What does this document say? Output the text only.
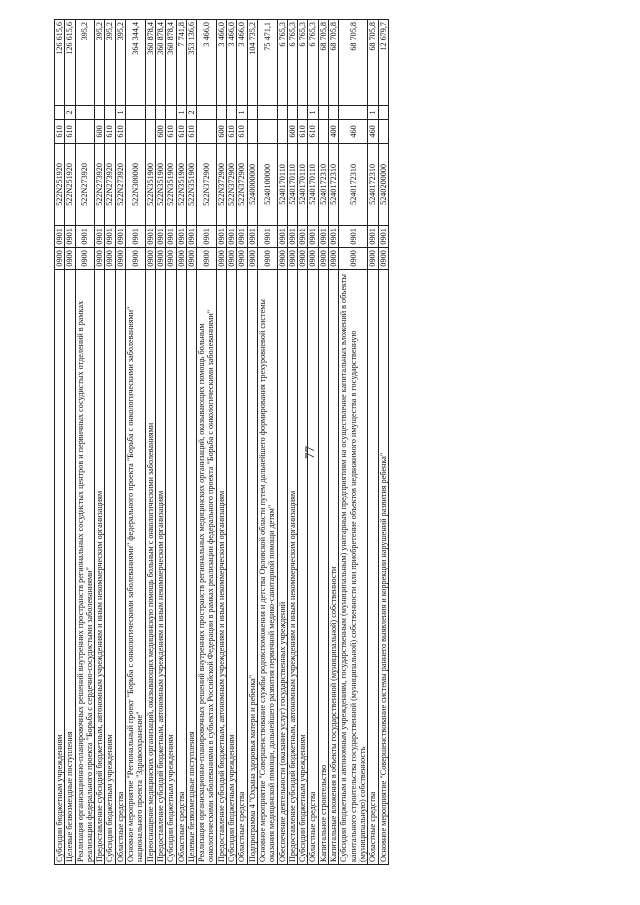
77
Субсидии бюджетным учреждениям	0900	0901	522N251920	610		126 615,6
Целевые безвозмездные поступления	0900	0901	522N251920	610	2	126 615,6
Реализация организационно-планировочных решений внутренних пространств региональных сосудистых центров и первичных сосудистых отделений в рамках реализации федерального проекта "Борьба с сердечно-сосудистыми заболеваниями"	0900	0901	522N273920			395,2
Предоставление субсидий бюджетным, автономным учреждениям и иным некоммерческим организациям	0900	0901	522N273920	600		395,2
Субсидии бюджетным учреждениям	0900	0901	522N273920	610		395,2
Областные средства	0900	0901	522N273920	610	1	395,2
Основное мероприятие "Региональный проект "Борьба с онкологическими заболеваниями" федерального проекта "Борьба с онкологическими заболеваниями" национального проекта "Здравоохранение"	0900	0901	522N300000			364 344,4
Переоснащение медицинских организаций, оказывающих медицинскую помощь больным с онкологическими заболеваниями	0900	0901	522N351900			360 878,4
Предоставление субсидий бюджетным, автономным учреждениям и иным некоммерческим организациям	0900	0901	522N351900	600		360 878,4
Субсидии бюджетным учреждениям	0900	0901	522N351900	610		360 878,4
Областные средства	0900	0901	522N351900	610	1	7 741,8
Целевые безвозмездные поступления	0900	0901	522N351900	610	2	353 136,6
Реализация организационно-планировочных решений внутренних пространств региональных медицинских организаций, оказывающих помощь больным онкологическими заболеваниями в субъектах Российской Федерации в рамках реализации федерального проекта "Борьба с онкологическими заболеваниями"	0900	0901	522N372900			3 466,0
Предоставление субсидий бюджетным, автономным учреждениям и иным некоммерческим организациям	0900	0901	522N372900	600		3 466,0
Субсидии бюджетным учреждениям	0900	0901	522N372900	610		3 466,0
Областные средства	0900	0901	522N372900	610	1	3 466,0
Подпрограмма 4 "Охрана здоровья матери и ребенка"	0900	0901	5240000000			104 735,2
Основное мероприятие "Совершенствование службы родовспоможения и детства Орловской области путем дальнейшего формирования трехуровневой системы оказания медицинской помощи, дальнейшего развития первичной медико-санитарной помощи детям"	0900	0901	5240100000			75 471,1
Обеспечение деятельности (оказание услуг) государственных учреждений	0900	0901	5240170110			6 765,3
Предоставление субсидий бюджетным, автономным учреждениям и иным некоммерческим организациям	0900	0901	5240170110	600		6 765,3
Субсидии бюджетным учреждениям	0900	0901	5240170110	610		6 765,3
Областные средства	0900	0901	5240170110	610	1	6 765,3
Капитальное строительство	0900	0901	5240172310			68 705,8
Капитальные вложения в объекты государственной (муниципальной) собственности	0900	0901	5240172310	400		68 705,8
Субсидии бюджетным и автономным учреждениям, государственным (муниципальным) унитарным предприятиям на осуществление капитальных вложений в объекты капитального строительства государственной (муниципальной) собственности или приобретение объектов недвижимого имущества в государственную (муниципальную) собственность	0900	0901	5240172310	460		68 705,8
Областные средства	0900	0901	5240172310	460	1	68 705,8
Основное мероприятие "Совершенствование системы раннего выявления и коррекции нарушений развития ребенка"	0900	0901	5240200000			12 679,7
